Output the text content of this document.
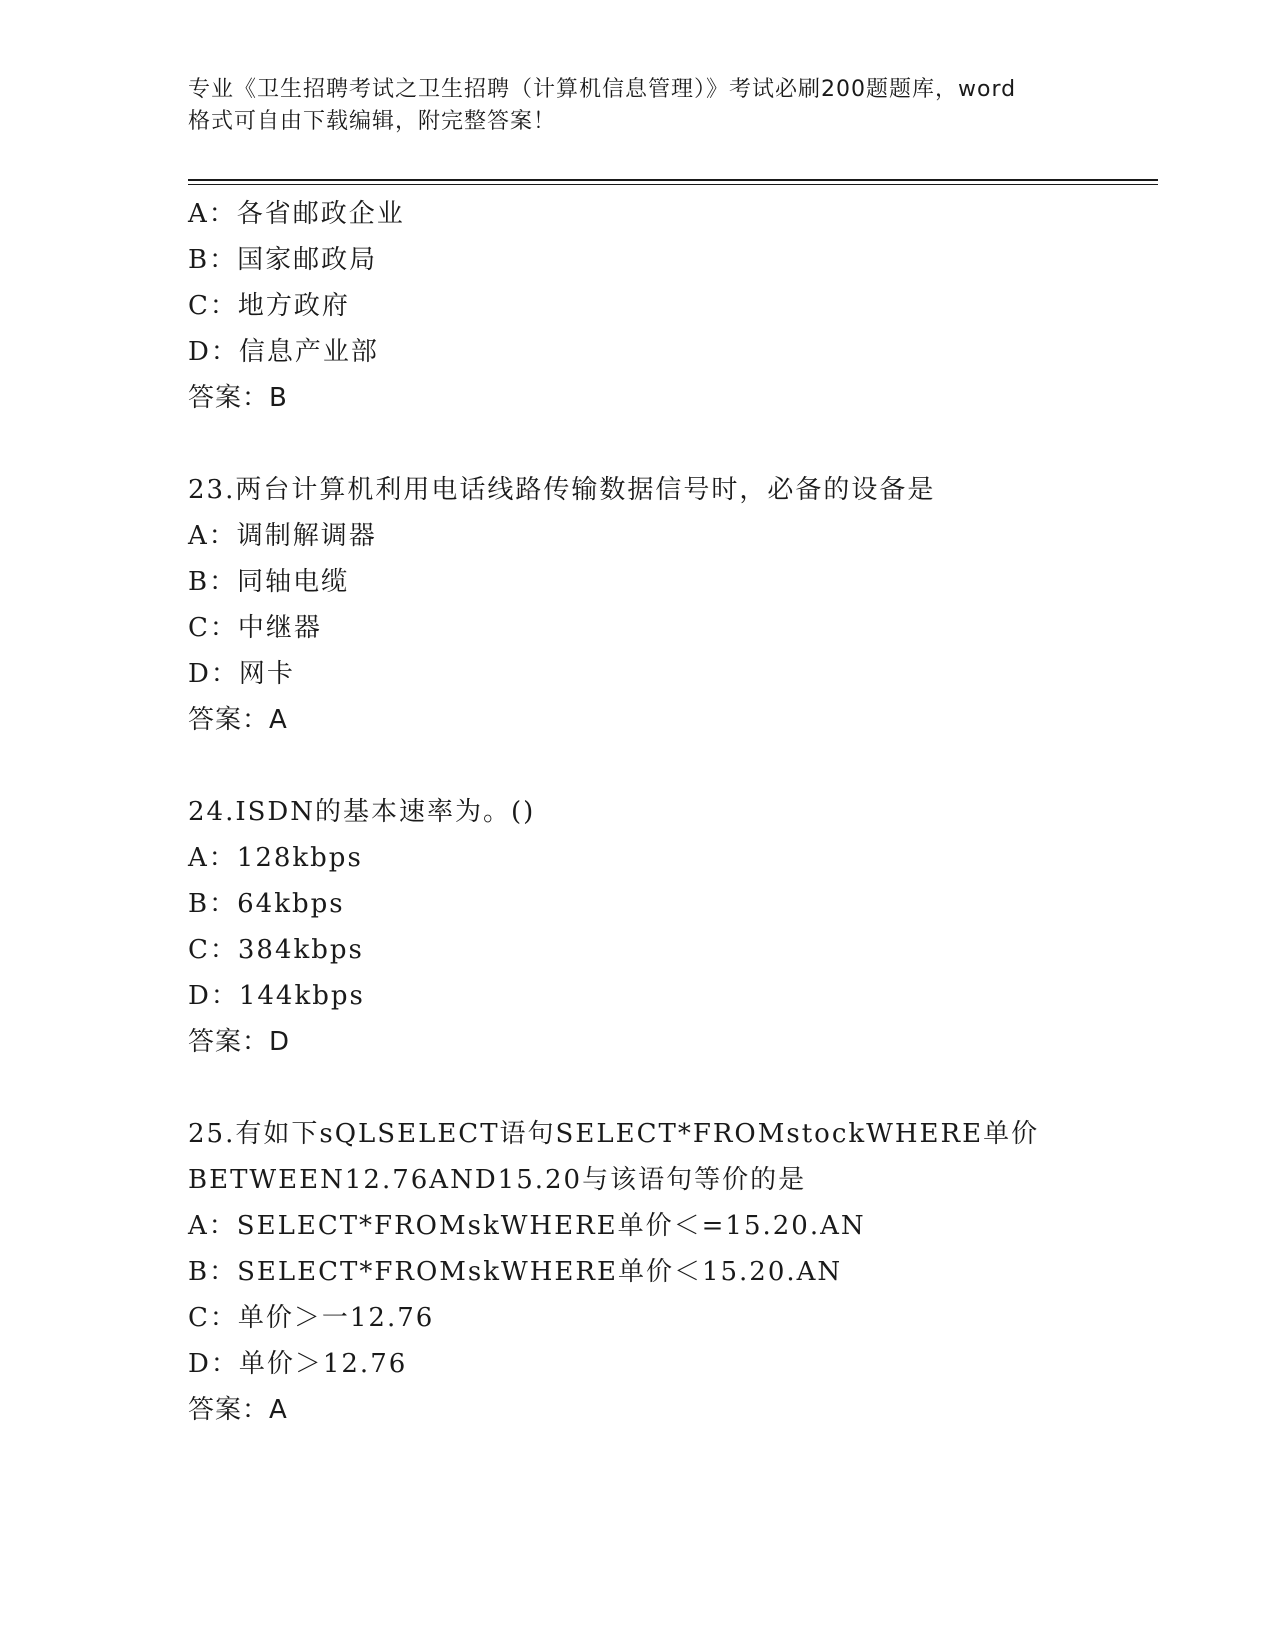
专业《卫生招聘考试之卫生招聘（计算机信息管理）》考试必刷200题题库，word
格式可自由下载编辑，附完整答案！
A：各省邮政企业
B：国家邮政局
C：地方政府
D：信息产业部
答案：B
23.两台计算机利用电话线路传输数据信号时，必备的设备是
A：调制解调器
B：同轴电缆
C：中继器
D：网卡
答案：A
24.ISDN的基本速率为。()
A：128kbps
B：64kbps
C：384kbps
D：144kbps
答案：D
25.有如下sQLSELECT语句SELECT*FROMstockWHERE单价
BETWEEN12.76AND15.20与该语句等价的是
A：SELECT*FROMskWHERE单价＜=15.20.AN
B：SELECT*FROMskWHERE单价＜15.20.AN
C：单价＞一12.76
D：单价＞12.76
答案：A
